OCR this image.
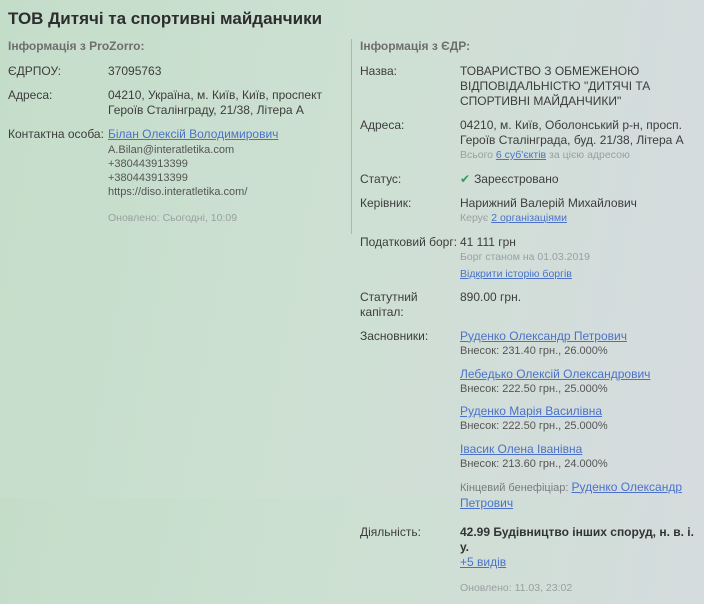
ТОВ Дитячі та спортивні майданчики
Інформація з ProZorro:
ЄДРПОУ:	37095763
Адреса:	04210, Україна, м. Київ, Київ, проспект Героїв Сталінграду, 21/38, Літера А
Контактна особа: Білан Олексій Володимирович
A.Bilan@interatletika.com
+380443913399
+380443913399
https://diso.interatletika.com/
Оновлено: Сьогодні, 10:09
Інформація з ЄДР:
Назва:	ТОВАРИСТВО З ОБМЕЖЕНОЮ ВІДПОВІДАЛЬНІСТЮ "ДИТЯЧІ ТА СПОРТИВНІ МАЙДАНЧИКИ"
Адреса:	04210, м. Київ, Оболонський р-н, просп. Героїв Сталінграда, буд. 21/38, Літера А
Всього 6 суб'єктів за цією адресою
Статус:	✔ Зареєстровано
Керівник:	Нарижний Валерій Михайлович
Керує 2 організаціями
Податковий борг: 41 111 грн
Борг станом на 01.03.2019
Відкрити історію боргів
Статутний капітал:
890.00 грн.
Засновники:	Руденко Олександр Петрович
Внесок: 231.40 грн., 26.000%
Лебедько Олексій Олександрович
Внесок: 222.50 грн., 25.000%
Руденко Марія Василівна
Внесок: 222.50 грн., 25.000%
Івасик Олена Іванівна
Внесок: 213.60 грн., 24.000%
Кінцевий бенефіціар: Руденко Олександр Петрович
Діяльність:	42.99 Будівництво інших споруд, н. в. і. у.
+5 видів
Оновлено: 11.03, 23:02
